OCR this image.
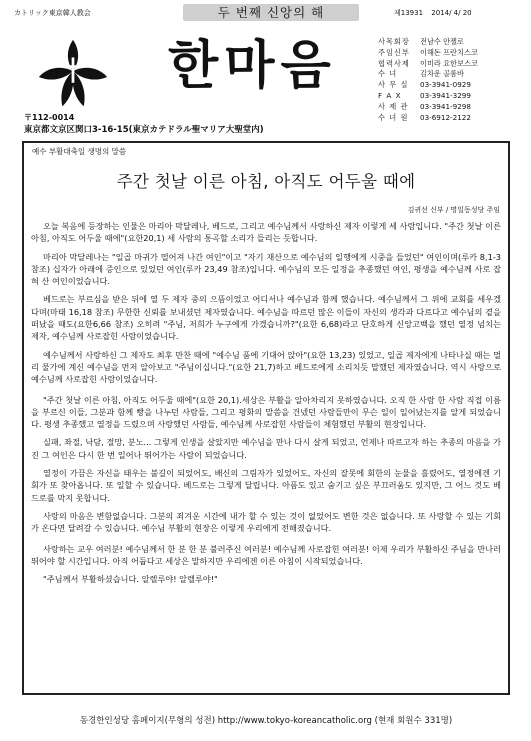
カトリック東京韓人教会	두 번째 신앙의 해	제13931 2014/ 4/ 20
한마음
〒112-0014
東京都文京区関口3-16-15(東京カテドラル聖マリア大聖堂内)
사목회장	전남수 안젤로
주임신부	이해돈 프란치스코
협력사제	이미라 요한보스코
수 녀	김차운 골롬바
사 무 실	03-3941-0929
F A X	03-3941-3299
사 제 관	03-3941-9298
수 녀 원	03-6912-2122
예수 부활대축일 생명의 말씀
주간 첫날 이른 아침, 아직도 어두울 때에
김귀선 신부 / 명일동성당 주임

오늘 복음에 등장하는 인물은 마리아 막달레나, 베드로, 그리고 예수님께서 사랑하신 제자 이렇게 세 사람입니다. "주간 첫날 이른 아침, 아직도 어두울 때에"(요한20,1) 세 사람의 통곡할 소리가 들리는 듯합니다.

마리아 막달레나는 "일곱 마귀가 떨어져 나간 여인"이고 "자기 재산으로 예수님의 일행에게 시중을 들었던" 여인이며(루카 8,1-3 참조) 십자가 아래에 증인으로 있었던 여인(루카 23,49 참조)입니다. 예수님의 모든 일정을 추종했던 여인, 평생을 예수님께 사로 잡혀 산 여인이었습니다.

베드로는 부르심을 받은 뒤에 열 두 제자 중의 으뜸이었고 어디서나 예수님과 함께 했습니다. 예수님께서 그 위에 교회를 세우겠다며(마태 16,18 참조) 무한한 신뢰를 보내셨던 제자였습니다. 예수님을 따르던 많은 이들이 자신의 생각과 다르다고 예수님의 곁을 떠났을 때도(요한6,66 참조) 오히려 "주님, 저희가 누구에게 가겠습니까?"(요한 6,68)라고 단호하게 신앙고백을 했던 열정 넘치는 제자, 예수님께 사로잡힌 사람이었습니다.

예수님께서 사랑하신 그 제자도 최후 만찬 때에 "예수님 품에 기대어 앉아"(요한 13,23) 있었고, 일곱 제자에게 나타나실 때는 멀리 물가에 계신 예수님을 먼저 알아보고 "주님이십니다."(요한 21,7)하고 베드로에게 소리치듯 말했던 제자였습니다. 역시 사랑으로 예수님께 사로잡힌 사람이었습니다.

"주간 첫날 이른 아침, 아직도 어두울 때에"(요한 20,1).세상은 부활을 알아차리지 못하였습니다. 오직 한 사람 한 사람 직접 이름을 부르신 이들, 그분과 함께 빵을 나누던 사람들, 그리고 평화의 말씀을 건넸던 사람들만이 무슨 일이 일어났는지를 알게 되었습니다. 평생 추종했고 열정을 드렸으며 사랑했던 사람들, 예수님께 사로잡힌 사람들이 체험했던 부활의 현장입니다.

실패, 좌절, 낙담, 절망, 분노... 그렇게 인생을 살았지만 예수님을 만나 다시 살게 되었고, 언제나 따르고자 하는 추종의 마음을 가진 그 여인은 다시 한 번 일어나 뛰어가는 사람이 되었습니다.

열정이 가끔은 자신을 태우는 불길이 되었어도, 배신의 그림자가 있었어도, 자신의 잘못에 회한의 눈물을 흘렸어도, 열정에겐 기회가 또 찾아옵니다. 또 일할 수 있습니다. 베드로는 그렇게 달립니다. 아픔도 있고 숨기고 싶은 부끄러움도 있지만, 그 어느 것도 베드로를 막지 못합니다.

사랑의 마음은 변함없습니다. 그분의 죄겨운 시간에 내가 할 수 있는 것이 없었어도 변한 것은 없습니다. 또 사랑할 수 있는 기회가 온다면 달려갈 수 있습니다. 예수님 부활의 현장은 이렇게 우리에게 전해졌습니다.

사랑하는 교우 여러분! 예수님께서 한 분 한 분 불러주신 여러분! 예수님께 사로잡힌 여러분! 이제 우리가 부활하신 주님을 만나러 뛰어야 할 시간입니다. 아직 어둡다고 세상은 말하지만 우리에겐 이른 아침이 시작되었습니다.

"주님께서 부활하셨습니다. 알렐루야! 알렐루야!"

동경한인성당 홈페이지(무형의 성전) http://www.tokyo-koreancatholic.org (현재 회원수 331명)
